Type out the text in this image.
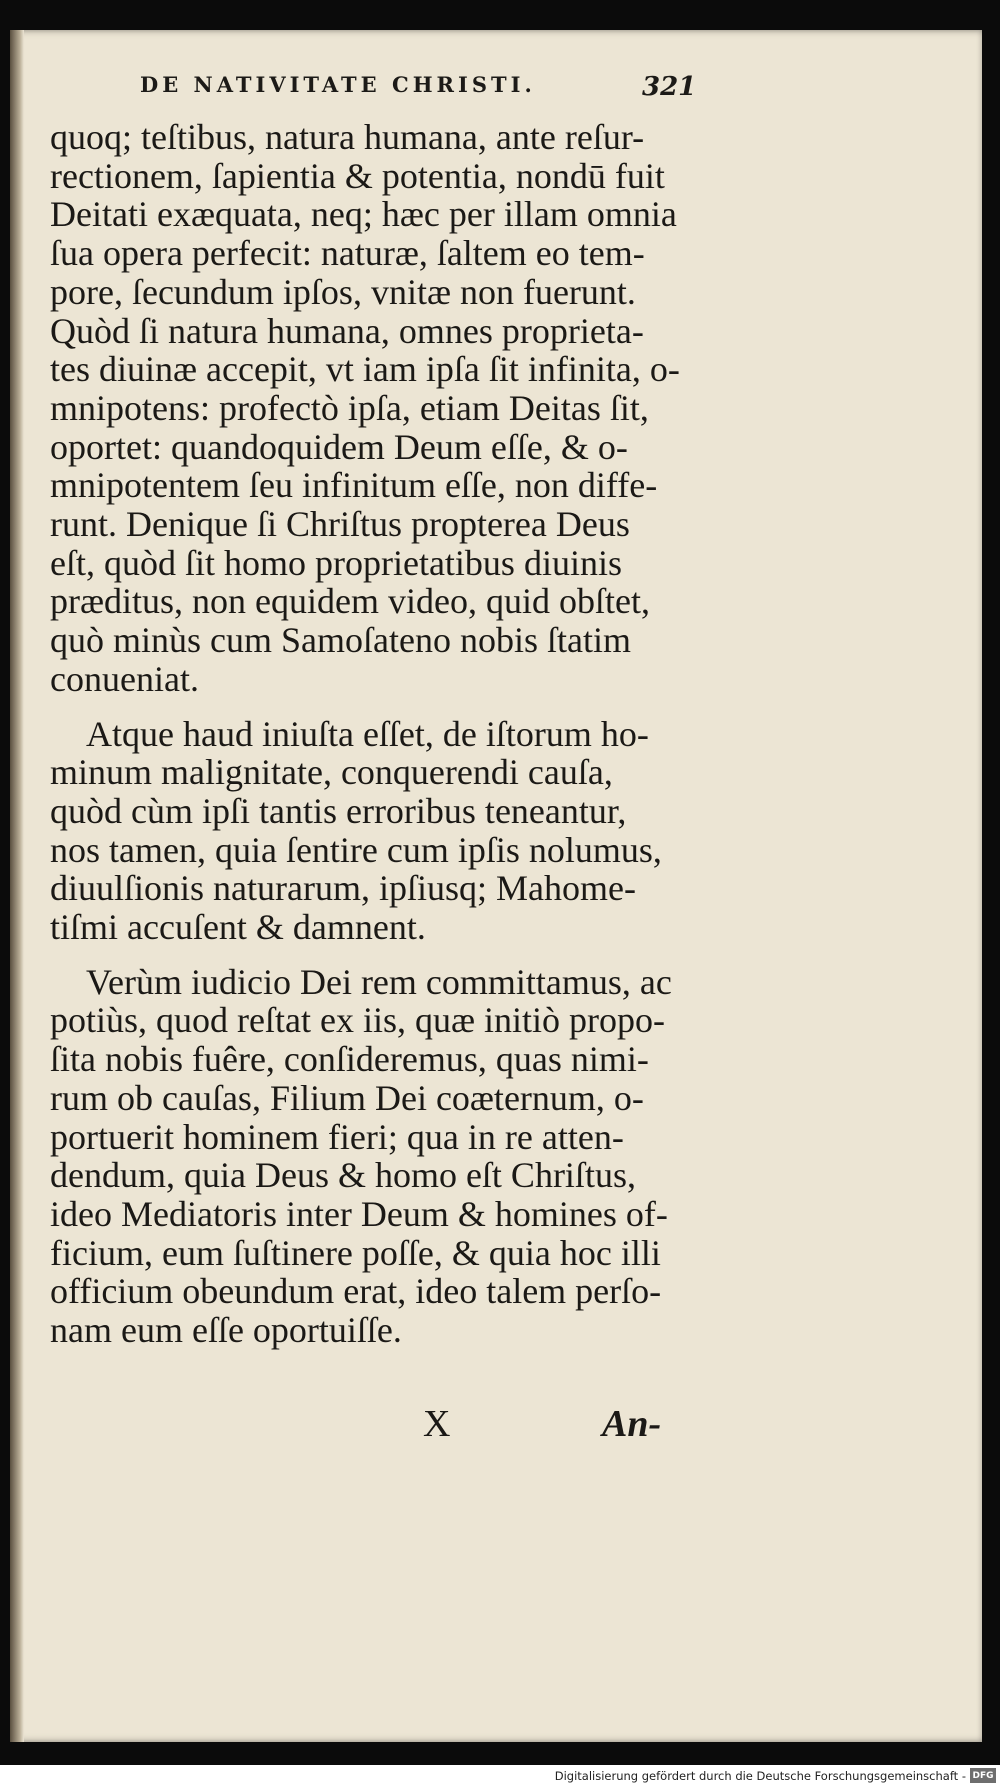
DE NATIVITATE CHRISTI.	321
quoq; teſtibus, natura humana, ante reſur-
rectionem, ſapientia & potentia, nondū fuit
Deitati exæquata, neq; hæc per illam omnia
ſua opera perfecit: naturæ, ſaltem eo tem-
pore, ſecundum ipſos, vnitæ non fuerunt.
Quòd ſi natura humana, omnes proprieta-
tes diuinæ accepit, vt iam ipſa ſit infinita, o-
mnipotens: profectò ipſa, etiam Deitas ſit,
oportet: quandoquidem Deum eſſe, & o-
mnipotentem ſeu infinitum eſſe, non diffe-
runt. Denique ſi Chriſtus propterea Deus
eſt, quòd ſit homo proprietatibus diuinis
præditus, non equidem video, quid obſtet,
quò minùs cum Samoſateno nobis ſtatim
conueniat.
Atque haud iniuſta eſſet, de iſtorum ho-
minum malignitate, conquerendi cauſa,
quòd cùm ipſi tantis erroribus teneantur,
nos tamen, quia ſentire cum ipſis nolumus,
diuulſionis naturarum, ipſiusq; Mahome-
tiſmi accuſent & damnent.
Verùm iudicio Dei rem committamus, ac
potiùs, quod reſtat ex iis, quæ initiò propo-
ſita nobis fuêre, conſideremus, quas nimi-
rum ob cauſas, Filium Dei coæternum, o-
portuerit hominem fieri; qua in re atten-
dendum, quia Deus & homo eſt Chriſtus,
ideo Mediatoris inter Deum & homines of-
ficium, eum ſuſtinere poſſe, & quia hoc illi
officium obeundum erat, ideo talem perſo-
nam eum eſſe oportuiſſe.
X	An-
Digitalisierung gefördert durch die Deutsche Forschungsgemeinschaft - DFG
